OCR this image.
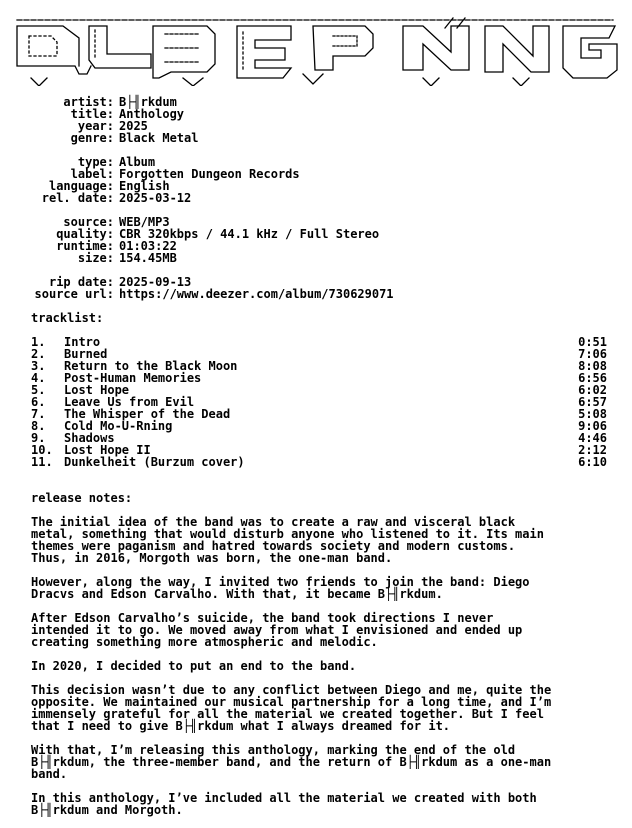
artist: B├╢rkdum
title: Anthology
year: 2025
genre: Black Metal
type: Album
label: Forgotten Dungeon Records
language: English
rel. date: 2025-03-12
source: WEB/MP3
quality: CBR 320kbps / 44.1 kHz / Full Stereo
runtime: 01:03:22
size: 154.45MB
rip date: 2025-09-13
source url: https://www.deezer.com/album/730629071
tracklist:
1.	Intro	0:51
2.	Burned	7:06
3.	Return to the Black Moon	8:08
4.	Post-Human Memories	6:56
5.	Lost Hope	6:02
6.	Leave Us from Evil	6:57
7.	The Whisper of the Dead	5:08
8.	Cold Mo-U-Rning	9:06
9.	Shadows	4:46
10. Lost Hope II	2:12
11. Dunkelheit (Burzum cover)	6:10
release notes:
The initial idea of the band was to create a raw and visceral black
metal, something that would disturb anyone who listened to it. Its main
themes were paganism and hatred towards society and modern customs.
Thus, in 2016, Morgoth was born, the one-man band.
However, along the way, I invited two friends to join the band: Diego
Dracvs and Edson Carvalho. With that, it became B├╢rkdum.
After Edson Carvalho’s suicide, the band took directions I never
intended it to go. We moved away from what I envisioned and ended up
creating something more atmospheric and melodic.
In 2020, I decided to put an end to the band.
This decision wasn’t due to any conflict between Diego and me, quite the
opposite. We maintained our musical partnership for a long time, and I’m
immensely grateful for all the material we created together. But I feel
that I need to give B├╢rkdum what I always dreamed for it.
With that, I’m releasing this anthology, marking the end of the old
B├╢rkdum, the three-member band, and the return of B├╢rkdum as a one-man
band.
In this anthology, I’ve included all the material we created with both
B├╢rkdum and Morgoth.
